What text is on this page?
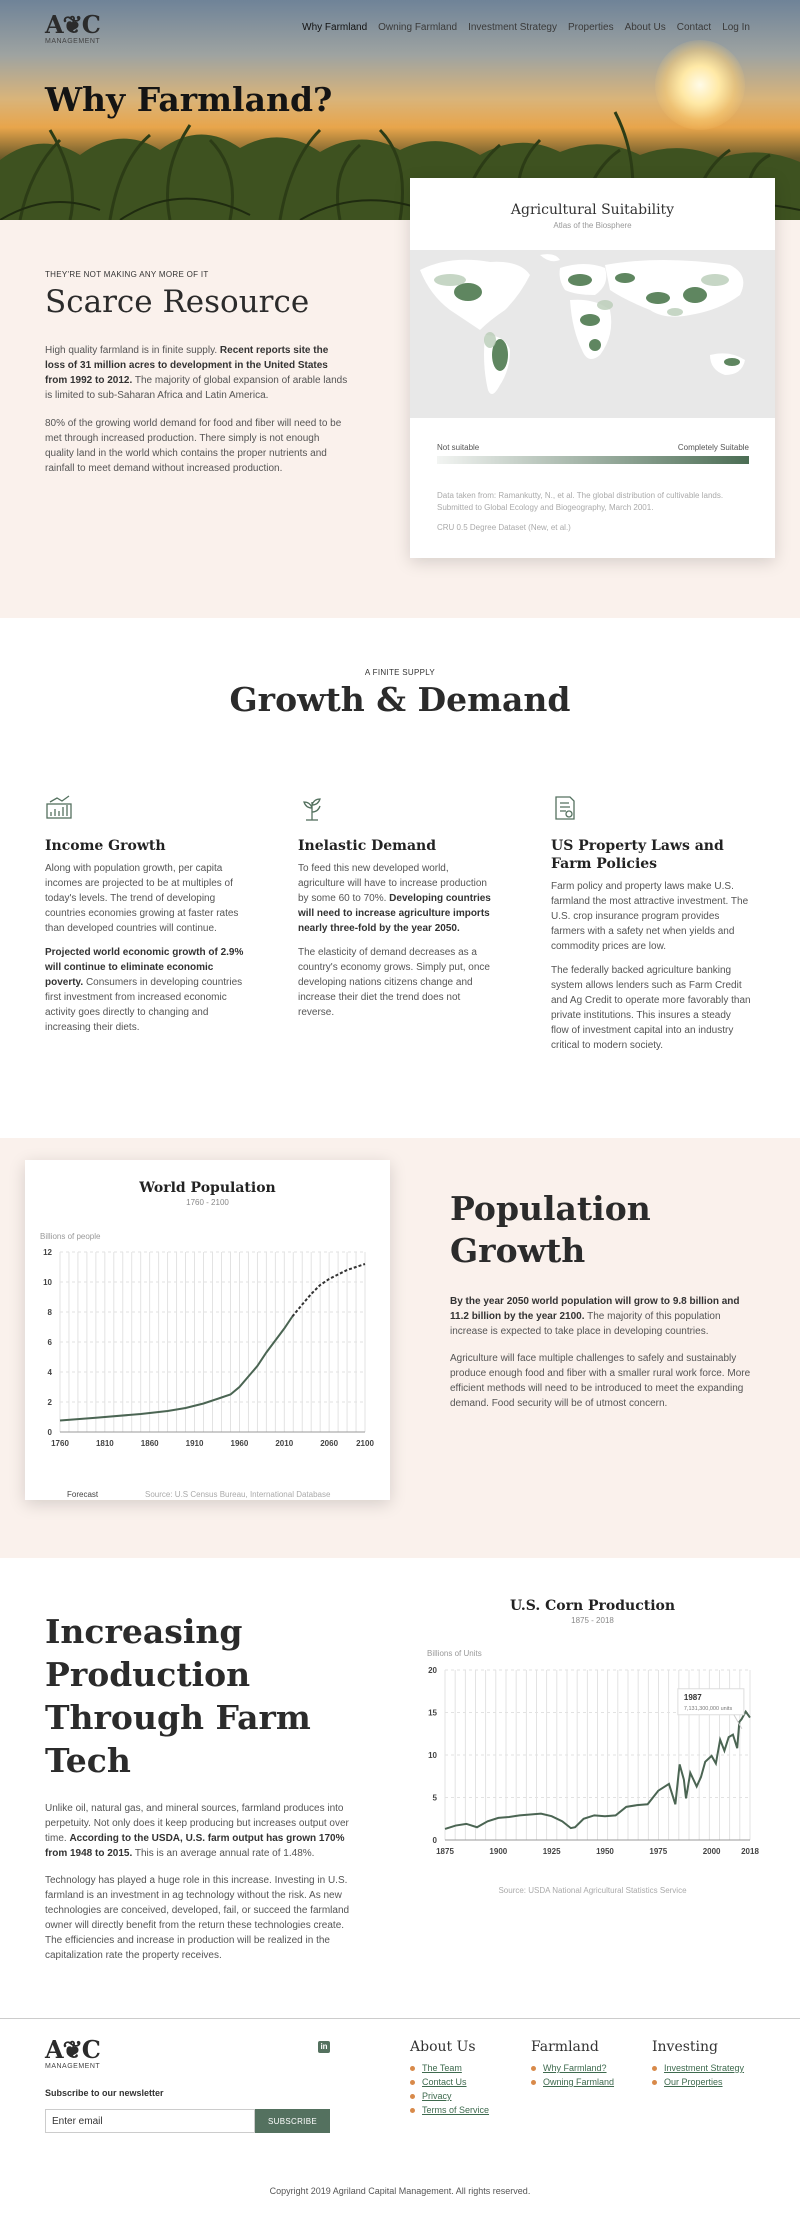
A❦C
MANAGEMENT
Why Farmland Owning Farmland Investment Strategy Properties About Us Contact Log In
Why Farmland?
THEY'RE NOT MAKING ANY MORE OF IT
Scarce Resource

High quality farmland is in finite supply. Recent reports site the loss of 31 million acres to development in the United States from 1992 to 2012. The majority of global expansion of arable lands is limited to sub-Saharan Africa and Latin America.

80% of the growing world demand for food and fiber will need to be met through increased production. There simply is not enough quality land in the world which contains the proper nutrients and rainfall to meet demand without increased production.

Agricultural Suitability
Atlas of the Biosphere
Not suitable	Completely Suitable
Data taken from: Ramankutty, N., et al. The global distribution of cultivable lands. Submitted to Global Ecology and Biogeography, March 2001.
CRU 0.5 Degree Dataset (New, et al.)
A FINITE SUPPLY
Growth & Demand
Income Growth

Along with population growth, per capita incomes are projected to be at multiples of today's levels. The trend of developing countries economies growing at faster rates than developed countries will continue.

Projected world economic growth of 2.9% will continue to eliminate economic poverty. Consumers in developing countries first investment from increased economic activity goes directly to changing and increasing their diets.

Inelastic Demand

To feed this new developed world, agriculture will have to increase production by some 60 to 70%. Developing countries will need to increase agriculture imports nearly three-fold by the year 2050.

The elasticity of demand decreases as a country's economy grows. Simply put, once developing nations citizens change and increase their diet the trend does not reverse.

US Property Laws and Farm Policies

Farm policy and property laws make U.S. farmland the most attractive investment. The U.S. crop insurance program provides farmers with a safety net when yields and commodity prices are low.

The federally backed agriculture banking system allows lenders such as Farm Credit and Ag Credit to operate more favorably than private institutions. This insures a steady flow of investment capital into an industry critical to modern society.

World Population
1760 - 2100
Billions of people
0
2
4
6
8
10
12
1760	1810	1860	1910	1960	2010	2060 2100
Forecast	Source: U.S Census Bureau, International Database
Population Growth

By the year 2050 world population will grow to 9.8 billion and 11.2 billion by the year 2100. The majority of this population increase is expected to take place in developing countries.

Agriculture will face multiple challenges to safely and sustainably produce enough food and fiber with a smaller rural work force. More efficient methods will need to be introduced to meet the expanding demand. Food security will be of utmost concern.

Increasing Production Through Farm Tech

Unlike oil, natural gas, and mineral sources, farmland produces into perpetuity. Not only does it keep producing but increases output over time. According to the USDA, U.S. farm output has grown 170% from 1948 to 2015. This is an average annual rate of 1.48%.

Technology has played a huge role in this increase. Investing in U.S. farmland is an investment in ag technology without the risk. As new technologies are conceived, developed, fail, or succeed the farmland owner will directly benefit from the return these technologies create. The efficiencies and increase in production will be realized in the capitalization rate the property receives.

U.S. Corn Production
1875 - 2018
Billions of Units
0
5
10
15
20
1875	1900	1925	1950	1975	2000	2018
1987
7,131,300,000 units
Source: USDA National Agricultural Statistics Service
A❦C
MANAGEMENT
in
Subscribe to our newsletter
Enter email
SUBSCRIBE
About Us
The Team
Contact Us
Privacy
Terms of Service
Farmland
Why Farmland?
Owning Farmland
Investing
Investment Strategy
Our Properties
Copyright 2019 Agriland Capital Management. All rights reserved.
